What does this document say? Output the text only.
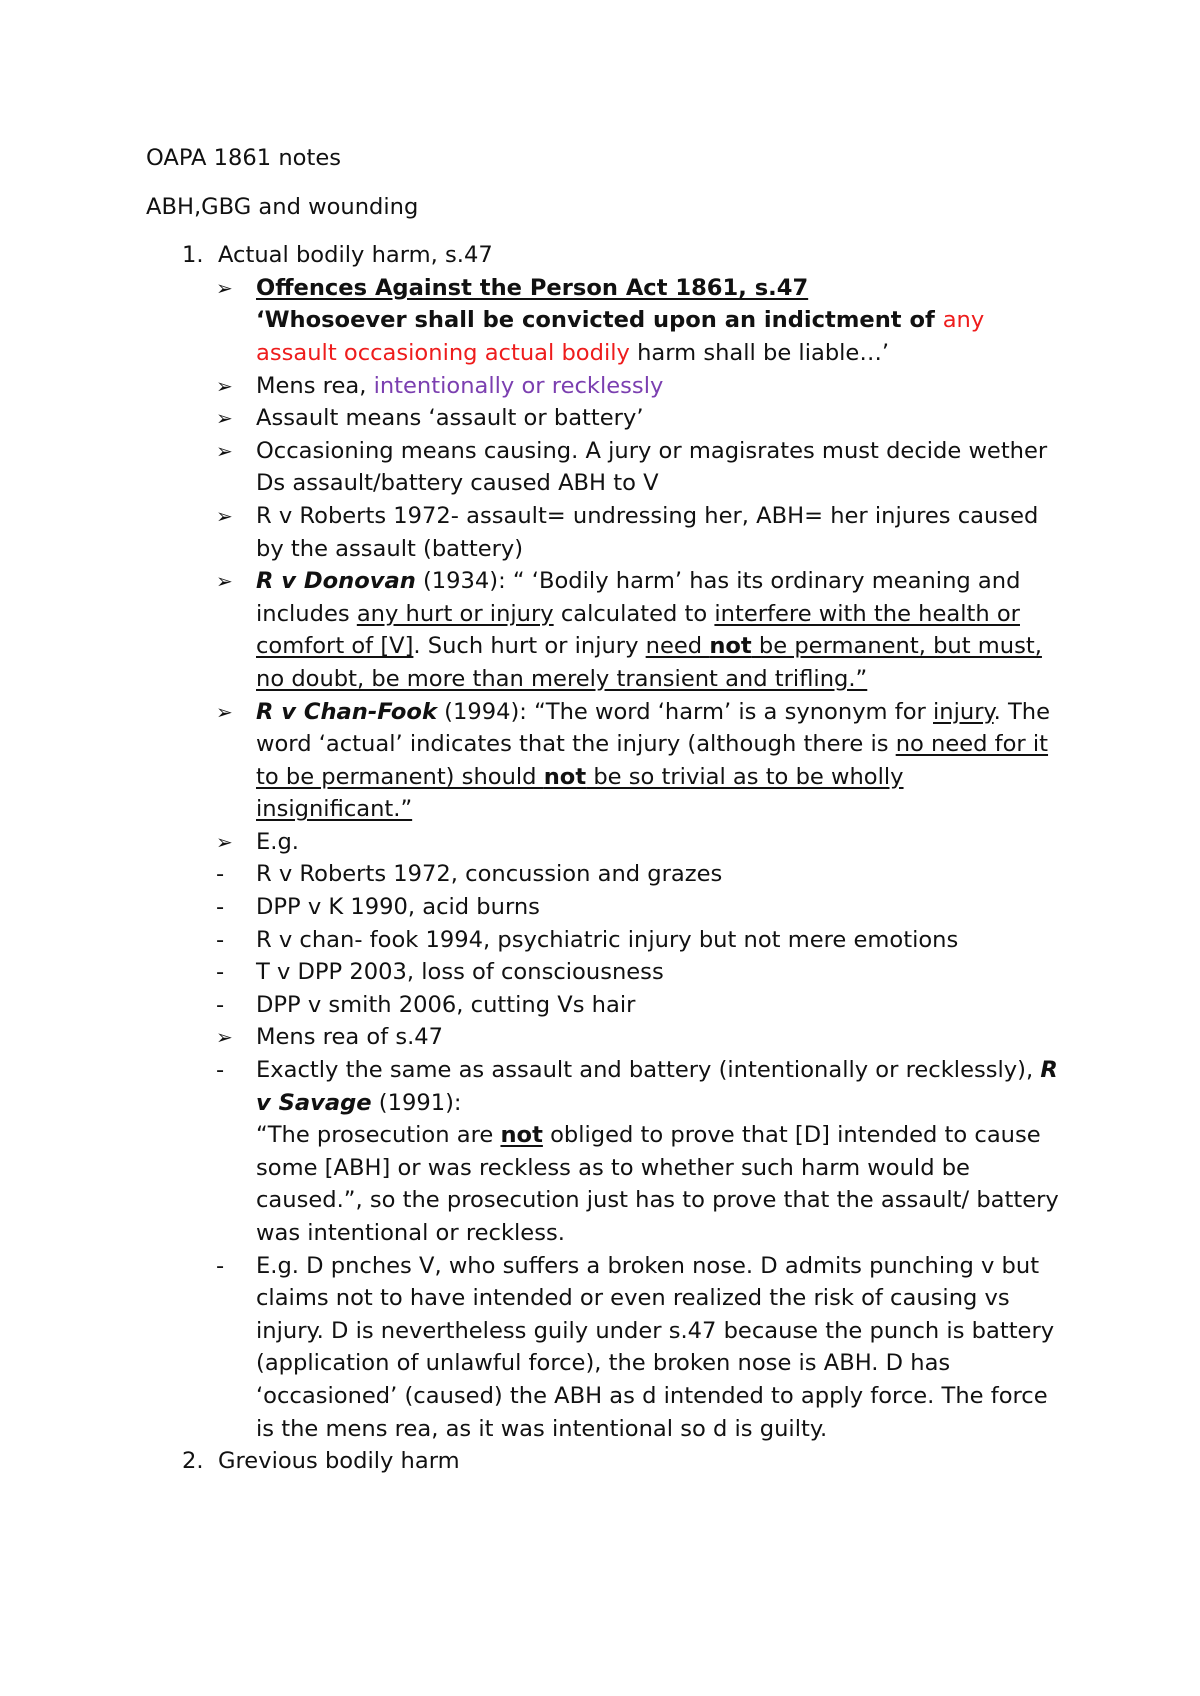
OAPA 1861 notes

ABH,GBG and wounding

1. Actual bodily harm, s.47
➢ Offences Against the Person Act 1861, s.47
‘Whosoever shall be convicted upon an indictment of any assault occasioning actual bodily harm shall be liable…’
➢ Mens rea, intentionally or recklessly
➢ Assault means ‘assault or battery’
➢ Occasioning means causing. A jury or magisrates must decide wether Ds assault/battery caused ABH to V
➢ R v Roberts 1972- assault= undressing her, ABH= her injures caused by the assault (battery)
➢ R v Donovan (1934): “ ‘Bodily harm’ has its ordinary meaning and includes any hurt or injury calculated to interfere with the health or comfort of [V]. Such hurt or injury need not be permanent, but must, no doubt, be more than merely transient and trifling.”
➢ R v Chan-Fook (1994): “The word ‘harm’ is a synonym for injury. The word ‘actual’ indicates that the injury (although there is no need for it to be permanent) should not be so trivial as to be wholly insignificant.”
➢ E.g.
- R v Roberts 1972, concussion and grazes
- DPP v K 1990, acid burns
- R v chan- fook 1994, psychiatric injury but not mere emotions
- T v DPP 2003, loss of consciousness
- DPP v smith 2006, cutting Vs hair
➢ Mens rea of s.47
- Exactly the same as assault and battery (intentionally or recklessly), R v Savage (1991):
“The prosecution are not obliged to prove that [D] intended to cause some [ABH] or was reckless as to whether such harm would be caused.”, so the prosecution just has to prove that the assault/ battery was intentional or reckless.
- E.g. D pnches V, who suffers a broken nose. D admits punching v but claims not to have intended or even realized the risk of causing vs injury. D is nevertheless guily under s.47 because the punch is battery (application of unlawful force), the broken nose is ABH. D has ‘occasioned’ (caused) the ABH as d intended to apply force. The force is the mens rea, as it was intentional so d is guilty.
2. Grevious bodily harm
